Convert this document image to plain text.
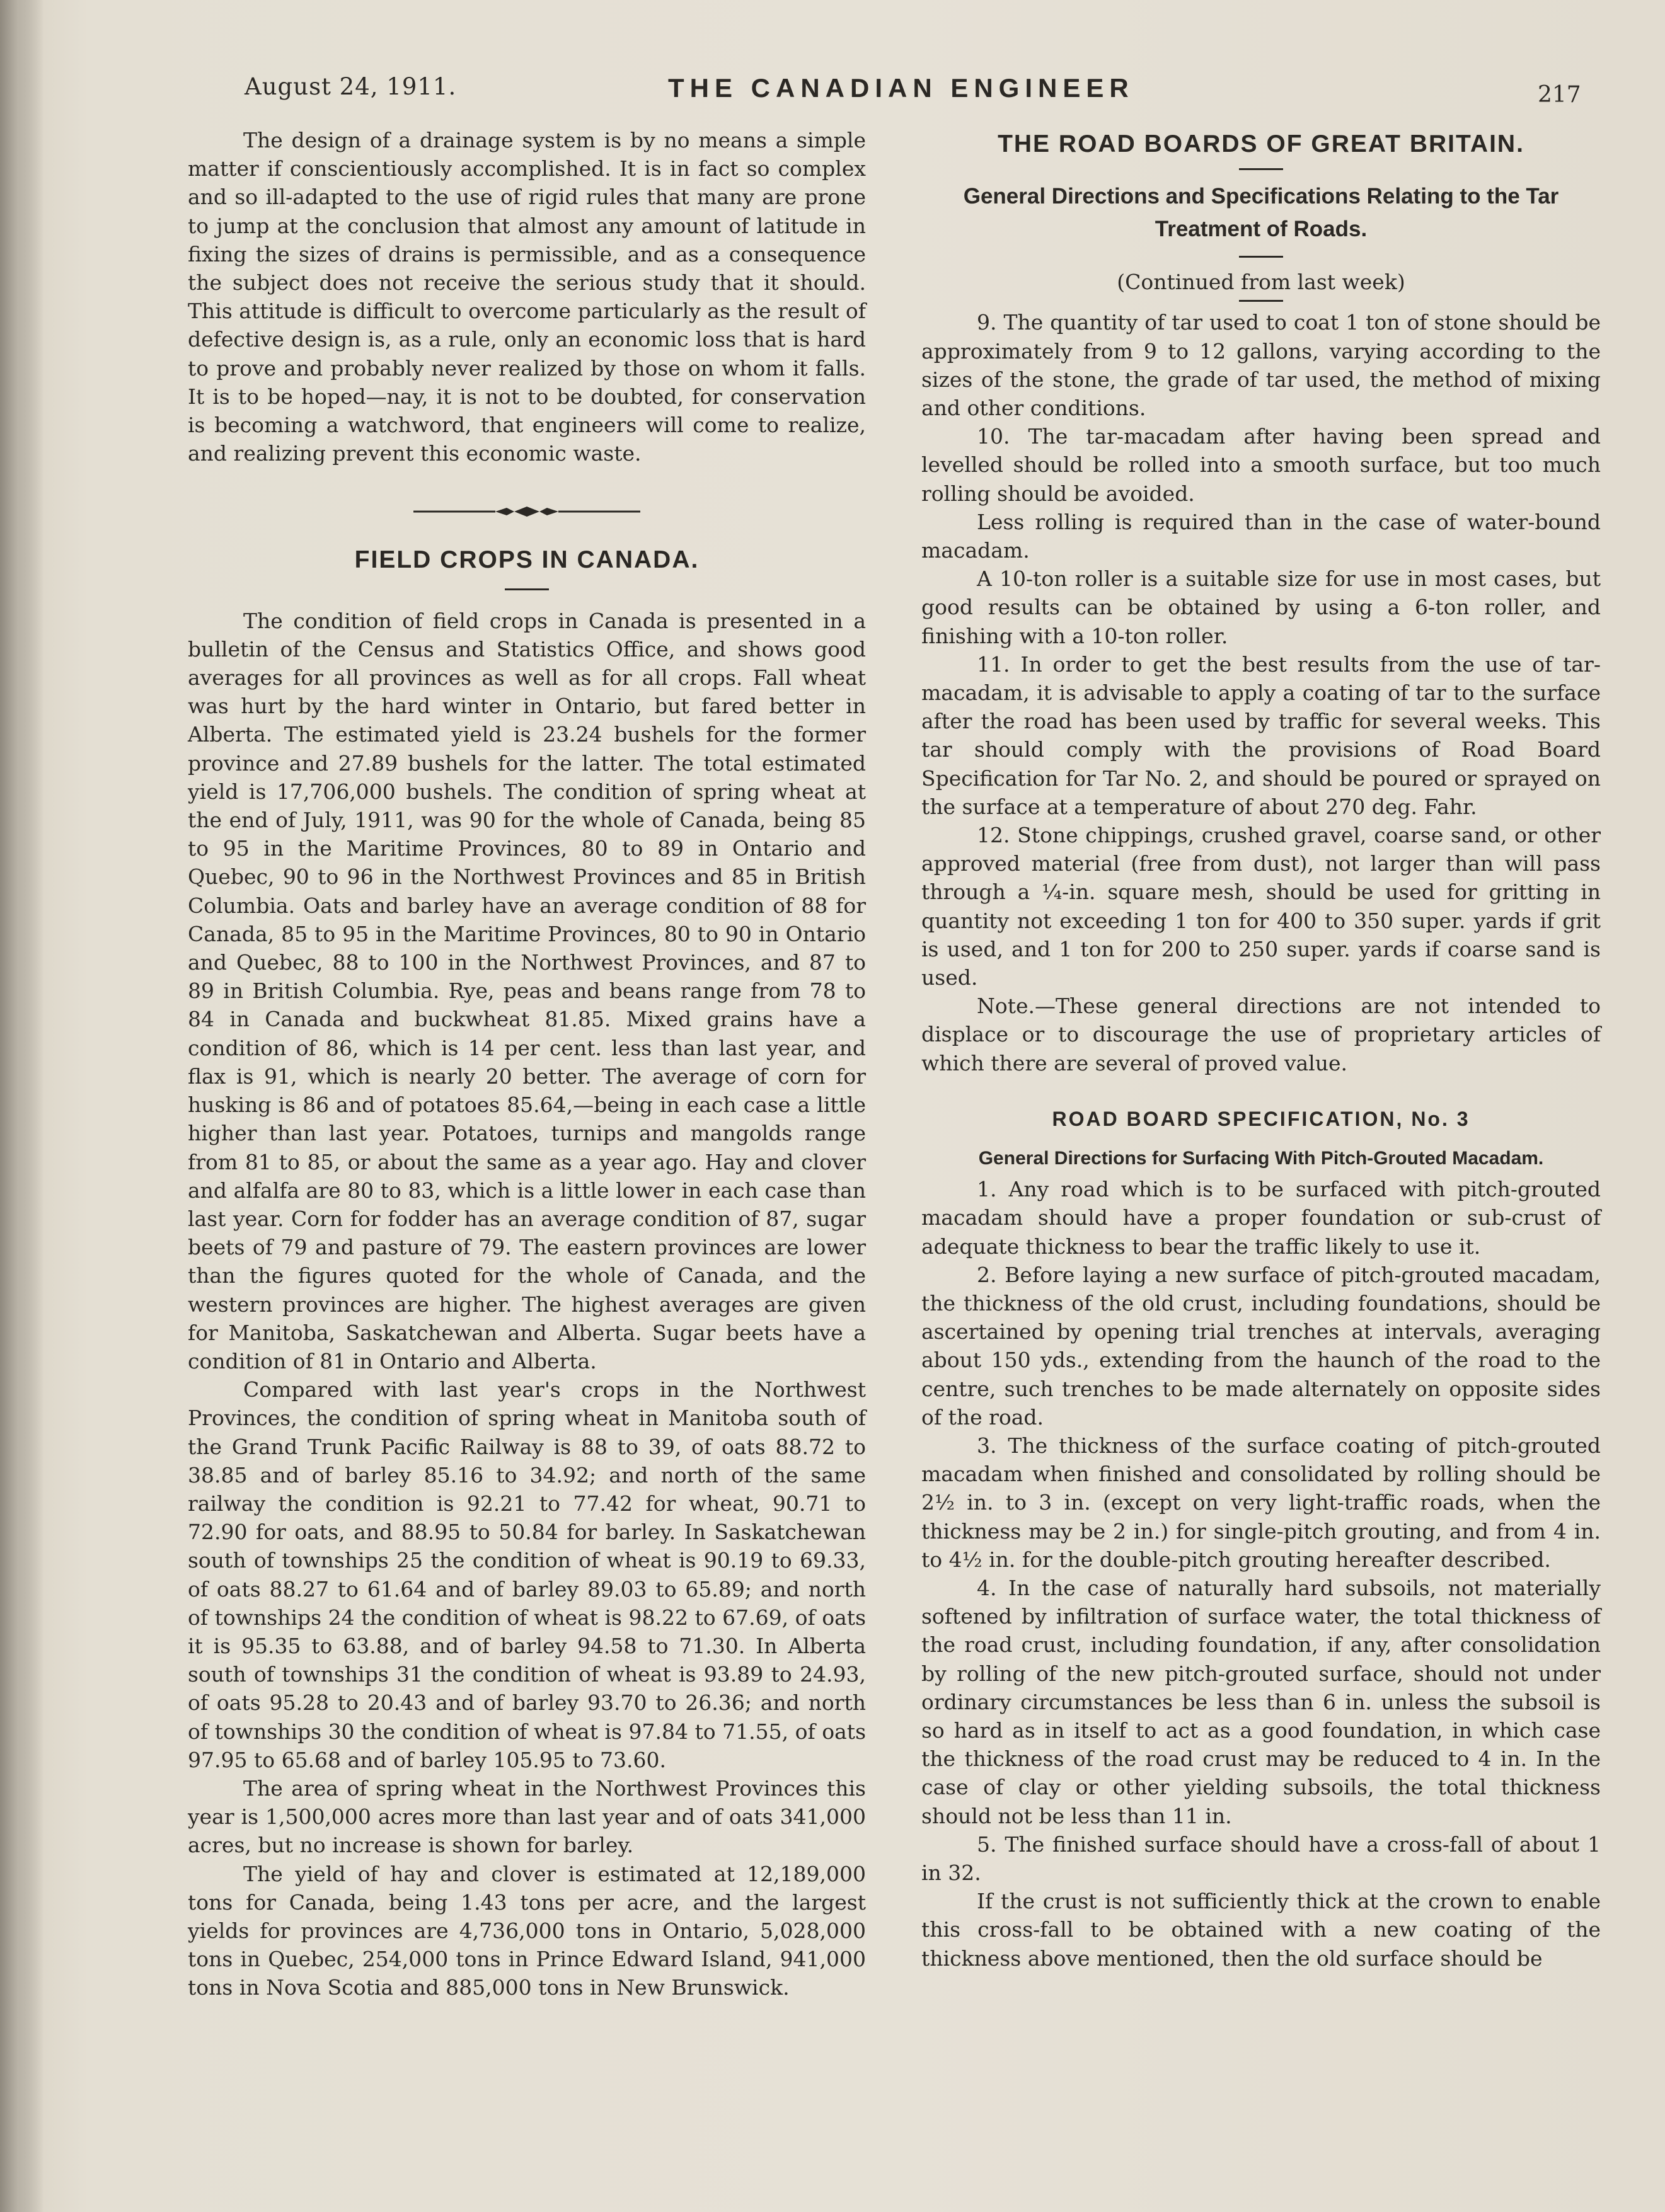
August 24, 1911.	THE CANADIAN ENGINEER	217

The design of a drainage system is by no means a simple matter if conscientiously accomplished. It is in fact so complex and so ill-adapted to the use of rigid rules that many are prone to jump at the conclusion that almost any amount of latitude in fixing the sizes of drains is permissible, and as a consequence the subject does not receive the serious study that it should. This attitude is difficult to overcome particularly as the result of defective design is, as a rule, only an economic loss that is hard to prove and probably never realized by those on whom it falls. It is to be hoped—nay, it is not to be doubted, for conservation is becoming a watchword, that engineers will come to realize, and realizing prevent this economic waste.

FIELD CROPS IN CANADA.

The condition of field crops in Canada is presented in a bulletin of the Census and Statistics Office, and shows good averages for all provinces as well as for all crops. Fall wheat was hurt by the hard winter in Ontario, but fared better in Alberta. The estimated yield is 23.24 bushels for the former province and 27.89 bushels for the latter. The total estimated yield is 17,706,000 bushels. The condition of spring wheat at the end of July, 1911, was 90 for the whole of Canada, being 85 to 95 in the Maritime Provinces, 80 to 89 in Ontario and Quebec, 90 to 96 in the Northwest Provinces and 85 in British Columbia. Oats and barley have an average condition of 88 for Canada, 85 to 95 in the Maritime Provinces, 80 to 90 in Ontario and Quebec, 88 to 100 in the Northwest Provinces, and 87 to 89 in British Columbia. Rye, peas and beans range from 78 to 84 in Canada and buckwheat 81.85. Mixed grains have a condition of 86, which is 14 per cent. less than last year, and flax is 91, which is nearly 20 better. The average of corn for husking is 86 and of potatoes 85.64,—being in each case a little higher than last year. Potatoes, turnips and mangolds range from 81 to 85, or about the same as a year ago. Hay and clover and alfalfa are 80 to 83, which is a little lower in each case than last year. Corn for fodder has an average condition of 87, sugar beets of 79 and pasture of 79. The eastern provinces are lower than the figures quoted for the whole of Canada, and the western provinces are higher. The highest averages are given for Manitoba, Saskatchewan and Alberta. Sugar beets have a condition of 81 in Ontario and Alberta.

Compared with last year's crops in the Northwest Provinces, the condition of spring wheat in Manitoba south of the Grand Trunk Pacific Railway is 88 to 39, of oats 88.72 to 38.85 and of barley 85.16 to 34.92; and north of the same railway the condition is 92.21 to 77.42 for wheat, 90.71 to 72.90 for oats, and 88.95 to 50.84 for barley. In Saskatchewan south of townships 25 the condition of wheat is 90.19 to 69.33, of oats 88.27 to 61.64 and of barley 89.03 to 65.89; and north of townships 24 the condition of wheat is 98.22 to 67.69, of oats it is 95.35 to 63.88, and of barley 94.58 to 71.30. In Alberta south of townships 31 the condition of wheat is 93.89 to 24.93, of oats 95.28 to 20.43 and of barley 93.70 to 26.36; and north of townships 30 the condition of wheat is 97.84 to 71.55, of oats 97.95 to 65.68 and of barley 105.95 to 73.60.

The area of spring wheat in the Northwest Provinces this year is 1,500,000 acres more than last year and of oats 341,000 acres, but no increase is shown for barley.

The yield of hay and clover is estimated at 12,189,000 tons for Canada, being 1.43 tons per acre, and the largest yields for provinces are 4,736,000 tons in Ontario, 5,028,000 tons in Quebec, 254,000 tons in Prince Edward Island, 941,000 tons in Nova Scotia and 885,000 tons in New Brunswick.

THE ROAD BOARDS OF GREAT BRITAIN.
General Directions and Specifications Relating to the Tar Treatment of Roads.
(Continued from last week)

9. The quantity of tar used to coat 1 ton of stone should be approximately from 9 to 12 gallons, varying according to the sizes of the stone, the grade of tar used, the method of mixing and other conditions.

10. The tar-macadam after having been spread and levelled should be rolled into a smooth surface, but too much rolling should be avoided.

Less rolling is required than in the case of water-bound macadam.

A 10-ton roller is a suitable size for use in most cases, but good results can be obtained by using a 6-ton roller, and finishing with a 10-ton roller.

11. In order to get the best results from the use of tar-macadam, it is advisable to apply a coating of tar to the surface after the road has been used by traffic for several weeks. This tar should comply with the provisions of Road Board Specification for Tar No. 2, and should be poured or sprayed on the surface at a temperature of about 270 deg. Fahr.

12. Stone chippings, crushed gravel, coarse sand, or other approved material (free from dust), not larger than will pass through a ¼-in. square mesh, should be used for gritting in quantity not exceeding 1 ton for 400 to 350 super. yards if grit is used, and 1 ton for 200 to 250 super. yards if coarse sand is used.

Note.—These general directions are not intended to displace or to discourage the use of proprietary articles of which there are several of proved value.

ROAD BOARD SPECIFICATION, No. 3
General Directions for Surfacing With Pitch-Grouted Macadam.

1. Any road which is to be surfaced with pitch-grouted macadam should have a proper foundation or sub-crust of adequate thickness to bear the traffic likely to use it.

2. Before laying a new surface of pitch-grouted macadam, the thickness of the old crust, including foundations, should be ascertained by opening trial trenches at intervals, averaging about 150 yds., extending from the haunch of the road to the centre, such trenches to be made alternately on opposite sides of the road.

3. The thickness of the surface coating of pitch-grouted macadam when finished and consolidated by rolling should be 2½ in. to 3 in. (except on very light-traffic roads, when the thickness may be 2 in.) for single-pitch grouting, and from 4 in. to 4½ in. for the double-pitch grouting hereafter described.

4. In the case of naturally hard subsoils, not materially softened by infiltration of surface water, the total thickness of the road crust, including foundation, if any, after consolidation by rolling of the new pitch-grouted surface, should not under ordinary circumstances be less than 6 in. unless the subsoil is so hard as in itself to act as a good foundation, in which case the thickness of the road crust may be reduced to 4 in. In the case of clay or other yielding subsoils, the total thickness should not be less than 11 in.

5. The finished surface should have a cross-fall of about 1 in 32.

If the crust is not sufficiently thick at the crown to enable this cross-fall to be obtained with a new coating of the thickness above mentioned, then the old surface should be
